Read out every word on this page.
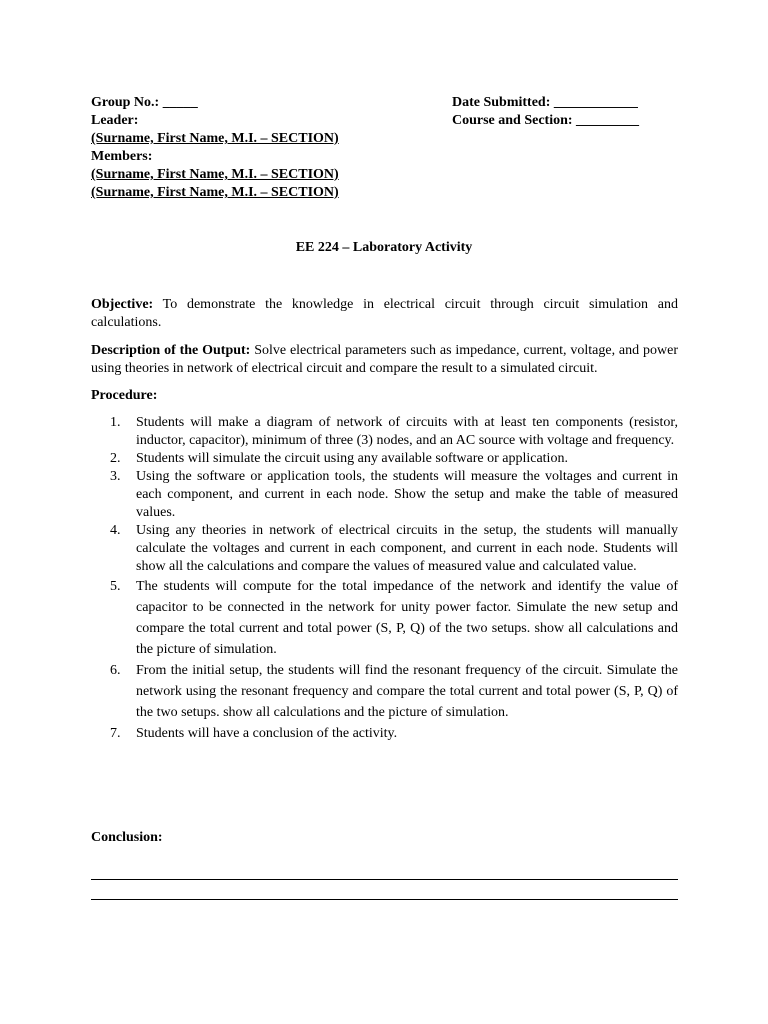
Group No.: _____
Leader:
(Surname, First Name, M.I. – SECTION)
Members:
(Surname, First Name, M.I. – SECTION)
(Surname, First Name, M.I. – SECTION)
Date Submitted: ____________
Course and Section: _________
EE 224 – Laboratory Activity
Objective: To demonstrate the knowledge in electrical circuit through circuit simulation and calculations.
Description of the Output: Solve electrical parameters such as impedance, current, voltage, and power using theories in network of electrical circuit and compare the result to a simulated circuit.
Procedure:
1.	Students will make a diagram of network of circuits with at least ten components (resistor, inductor, capacitor), minimum of three (3) nodes, and an AC source with voltage and frequency.
2.	Students will simulate the circuit using any available software or application.
3.	Using the software or application tools, the students will measure the voltages and current in each component, and current in each node. Show the setup and make the table of measured values.
4.	Using any theories in network of electrical circuits in the setup, the students will manually calculate the voltages and current in each component, and current in each node. Students will show all the calculations and compare the values of measured value and calculated value.
5.	The students will compute for the total impedance of the network and identify the value of capacitor to be connected in the network for unity power factor. Simulate the new setup and compare the total current and total power (S, P, Q) of the two setups. show all calculations and the picture of simulation.
6.	From the initial setup, the students will find the resonant frequency of the circuit. Simulate the network using the resonant frequency and compare the total current and total power (S, P, Q) of the two setups. show all calculations and the picture of simulation.
7.	Students will have a conclusion of the activity.
Conclusion:
